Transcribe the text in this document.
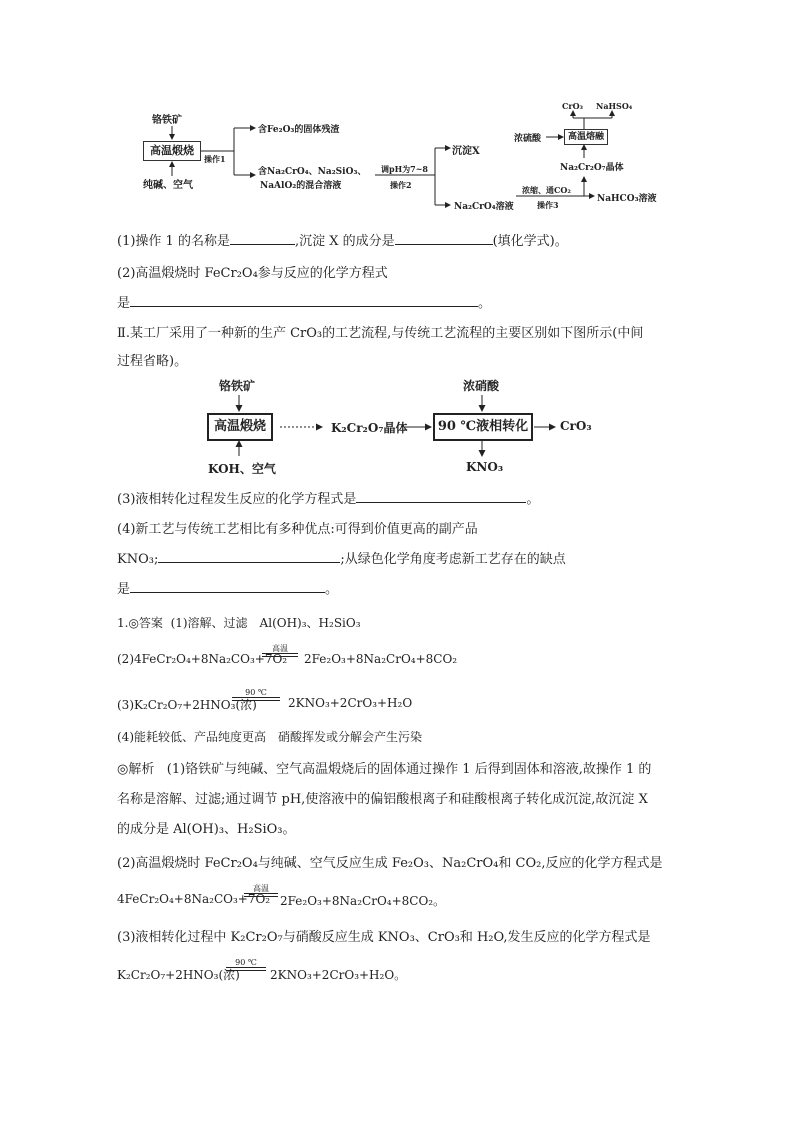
铬铁矿
高温煅烧
纯碱、空气
操作1
含Fe₂O₃的固体残渣
含Na₂CrO₄、Na₂SiO₃、
NaAlO₂的混合溶液
调pH为7~8
操作2
沉淀X
Na₂CrO₄溶液
浓缩、通CO₂
操作3
NaHCO₃溶液
Na₂Cr₂O₇晶体
浓硫酸	高温熔融
CrO₃ NaHSO₄
(1)操作 1 的名称是	,沉淀 X 的成分是	(填化学式)。
(2)高温煅烧时 FeCr₂O₄参与反应的化学方程式
是	。
Ⅱ.某工厂采用了一种新的生产 CrO₃的工艺流程,与传统工艺流程的主要区别如下图所示(中间
过程省略)。
铬铁矿
高温煅烧
KOH、空气
K₂Cr₂O₇晶体
浓硝酸
90 ℃液相转化	CrO₃
KNO₃
(3)液相转化过程发生反应的化学方程式是	。
(4)新工艺与传统工艺相比有多种优点:可得到价值更高的副产品
KNO₃;	;从绿色化学角度考虑新工艺存在的缺点
是	。
1.◎答案 (1)溶解、过滤　Al(OH)₃、H₂SiO₃
(2)4FeCr₂O₄+8Na₂CO₃+7O₂
高温
2Fe₂O₃+8Na₂CrO₄+8CO₂
(3)K₂Cr₂O₇+2HNO₃(浓)
90 ℃
2KNO₃+2CrO₃+H₂O
(4)能耗较低、产品纯度更高　硝酸挥发或分解会产生污染
◎解析 (1)铬铁矿与纯碱、空气高温煅烧后的固体通过操作 1 后得到固体和溶液,故操作 1 的
名称是溶解、过滤;通过调节 pH,使溶液中的偏铝酸根离子和硅酸根离子转化成沉淀,故沉淀 X
的成分是 Al(OH)₃、H₂SiO₃。
(2)高温煅烧时 FeCr₂O₄与纯碱、空气反应生成 Fe₂O₃、Na₂CrO₄和 CO₂,反应的化学方程式是
4FeCr₂O₄+8Na₂CO₃+7O₂
高温
2Fe₂O₃+8Na₂CrO₄+8CO₂。
(3)液相转化过程中 K₂Cr₂O₇与硝酸反应生成 KNO₃、CrO₃和 H₂O,发生反应的化学方程式是
K₂Cr₂O₇+2HNO₃(浓)
90 ℃
2KNO₃+2CrO₃+H₂O。
